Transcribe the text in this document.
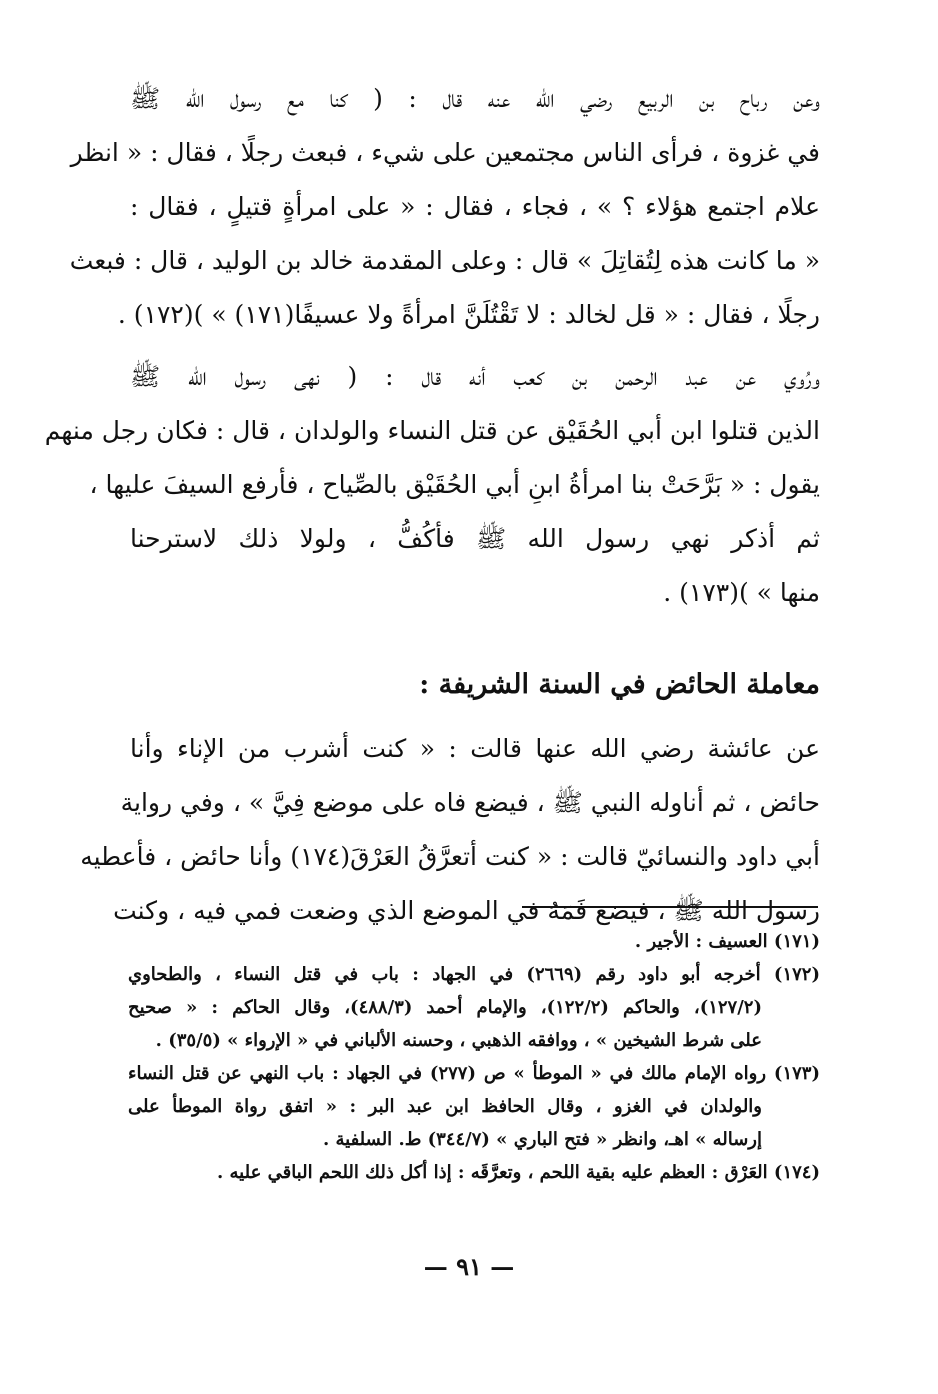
وعن رباح بن الربيع رضي الله عنه قال : ( كنا مع رسول الله ﷺ
في غزوة ، فرأى الناس مجتمعين على شيء ، فبعث رجلًا ، فقال : « انظر
علام اجتمع هؤلاء ؟ » ، فجاء ، فقال : « على امرأةٍ قتيلٍ ، فقال :
« ما كانت هذه لِتُقاتِلَ » قال : وعلى المقدمة خالد بن الوليد ، قال : فبعث
رجلًا ، فقال : « قل لخالد : لا تَقْتُلَنَّ امرأةً ولا عسيفًا(١٧١) » )(١٧٢) .
ورُوي عن عبد الرحمن بن كعب أنه قال : ( نهى رسول الله ﷺ
الذين قتلوا ابن أبي الحُقَيْق عن قتل النساء والولدان ، قال : فكان رجل منهم
يقول : « بَرَّحَتْ بنا امرأةُ ابنِ أبي الحُقَيْق بالصِّياح ، فأرفع السيفَ عليها ،
ثم أذكر نهي رسول الله ﷺ فأكُفُّ ، ولولا ذلك لاسترحنا
منها » )(١٧٣) .
معاملة الحائض في السنة الشريفة :
عن عائشة رضي الله عنها قالت : « كنت أشرب من الإناء وأنا
حائض ، ثم أناوله النبي ﷺ ، فيضع فاه على موضع فِيَّ » ، وفي رواية
أبي داود والنسائيّ قالت : « كنت أتعرَّقُ العَرْقَ(١٧٤) وأنا حائض ، فأعطيه
رسول الله ﷺ ، فيضع فَمَهُ في الموضع الذي وضعت فمي فيه ، وكنت
(١٧١) العسيف : الأجير .
(١٧٢) أخرجه أبو داود رقم (٢٦٦٩) في الجهاد : باب في قتل النساء ، والطحاوي
(١٢٧/٢)، والحاكم (١٢٢/٢)، والإمام أحمد (٤٨٨/٣)، وقال الحاكم : « صحيح
على شرط الشيخين » ، ووافقه الذهبي ، وحسنه الألباني في « الإرواء » (٣٥/٥) .
(١٧٣) رواه الإمام مالك في « الموطأ » ص (٢٧٧) في الجهاد : باب النهي عن قتل النساء
والولدان في الغزو ، وقال الحافظ ابن عبد البر : « اتفق رواة الموطأ على
إرساله » اهـ، وانظر « فتح الباري » (٣٤٤/٧) ط. السلفية .
(١٧٤) العَرْق : العظم عليه بقية اللحم ، وتعرَّقَه : إذا أكل ذلك اللحم الباقي عليه .
— ٩١ —
